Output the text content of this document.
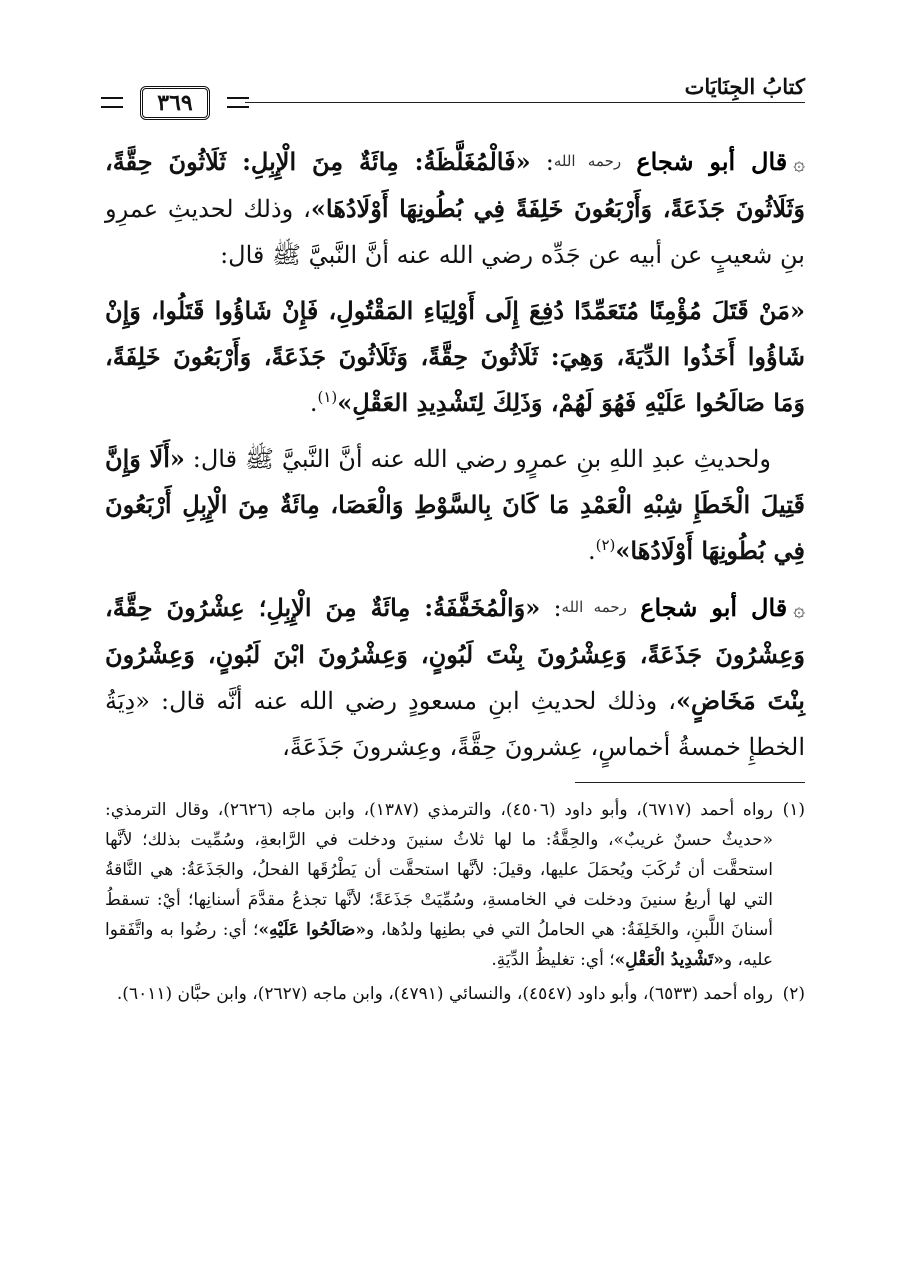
كتابُ الجِنَايَات
٣٦٩

۞قال أبو شجاع رحمه الله: «فَالْمُغَلَّظَةُ: مِائَةٌ مِنَ الْإِبِلِ: ثَلَاثُونَ حِقَّةً، وَثَلَاثُونَ جَذَعَةً، وَأَرْبَعُونَ خَلِفَةً فِي بُطُونِهَا أَوْلَادُهَا»، وذلك لحديثِ عمرِو بنِ شعيبٍ عن أبيه عن جَدِّه رضي الله عنه أنَّ النَّبيَّ ﷺ قال:

«مَنْ قَتَلَ مُؤْمِنًا مُتَعَمِّدًا دُفِعَ إِلَى أَوْلِيَاءِ المَقْتُولِ، فَإِنْ شَاؤُوا قَتَلُوا، وَإِنْ شَاؤُوا أَخَذُوا الدِّيَةَ، وَهِيَ: ثَلَاثُونَ حِقَّةً، وَثَلَاثُونَ جَذَعَةً، وَأَرْبَعُونَ خَلِفَةً، وَمَا صَالَحُوا عَلَيْهِ فَهُوَ لَهُمْ، وَذَلِكَ لِتَشْدِيدِ العَقْلِ»$^{(١)}$.

ولحديثِ عبدِ اللهِ بنِ عمرٍو رضي الله عنه أنَّ النَّبيَّ ﷺ قال: «أَلَا وَإِنَّ قَتِيلَ الْخَطَإِ شِبْهِ الْعَمْدِ مَا كَانَ بِالسَّوْطِ وَالْعَصَا، مِائَةٌ مِنَ الْإِبِلِ أَرْبَعُونَ فِي بُطُونِهَا أَوْلَادُهَا»$^{(٢)}$.

۞قال أبو شجاع رحمه الله: «وَالْمُخَفَّفَةُ: مِائَةٌ مِنَ الْإِبِلِ؛ عِشْرُونَ حِقَّةً، وَعِشْرُونَ جَذَعَةً، وَعِشْرُونَ بِنْتَ لَبُونٍ، وَعِشْرُونَ ابْنَ لَبُونٍ، وَعِشْرُونَ بِنْتَ مَخَاضٍ»، وذلك لحديثِ ابنِ مسعودٍ رضي الله عنه أنَّه قال: «دِيَةُ الخطإِ خمسةُ أخماسٍ، عِشرونَ حِقَّةً، وعِشرونَ جَذَعَةً،

(١)
رواه أحمد (٦٧١٧)، وأبو داود (٤٥٠٦)، والترمذي (١٣٨٧)، وابن ماجه (٢٦٢٦)، وقال الترمذي: «حديثٌ حسنٌ غريبٌ»، والحِقَّةُ: ما لها ثلاثُ سنينَ ودخلت في الرَّابعةِ، وسُمِّيت بذلك؛ لأنَّها استحقَّت أن تُركَبَ ويُحمَلَ عليها، وقيلَ: لأنَّها استحقَّت أن يَطْرُقَها الفحلُ، والجَذَعَةُ: هي النَّاقةُ التي لها أربعُ سنينَ ودخلت في الخامسةِ، وسُمِّيَتْ جَذَعَةً؛ لأنَّها تجذعُ مقدَّمَ أسنانِها؛ أيْ: تسقطُ أسنانَ اللَّبنِ، والخَلِفَةُ: هي الحاملُ التي في بطنِها ولدُها، و«صَالَحُوا عَلَيْهِ»؛ أي: رضُوا به واتَّفَقوا عليه، و«تَشْدِيدُ الْعَقْلِ»؛ أي: تغليظُ الدِّيَةِ.
(٢)
رواه أحمد (٦٥٣٣)، وأبو داود (٤٥٤٧)، والنسائي (٤٧٩١)، وابن ماجه (٢٦٢٧)، وابن حبَّان (٦٠١١).
